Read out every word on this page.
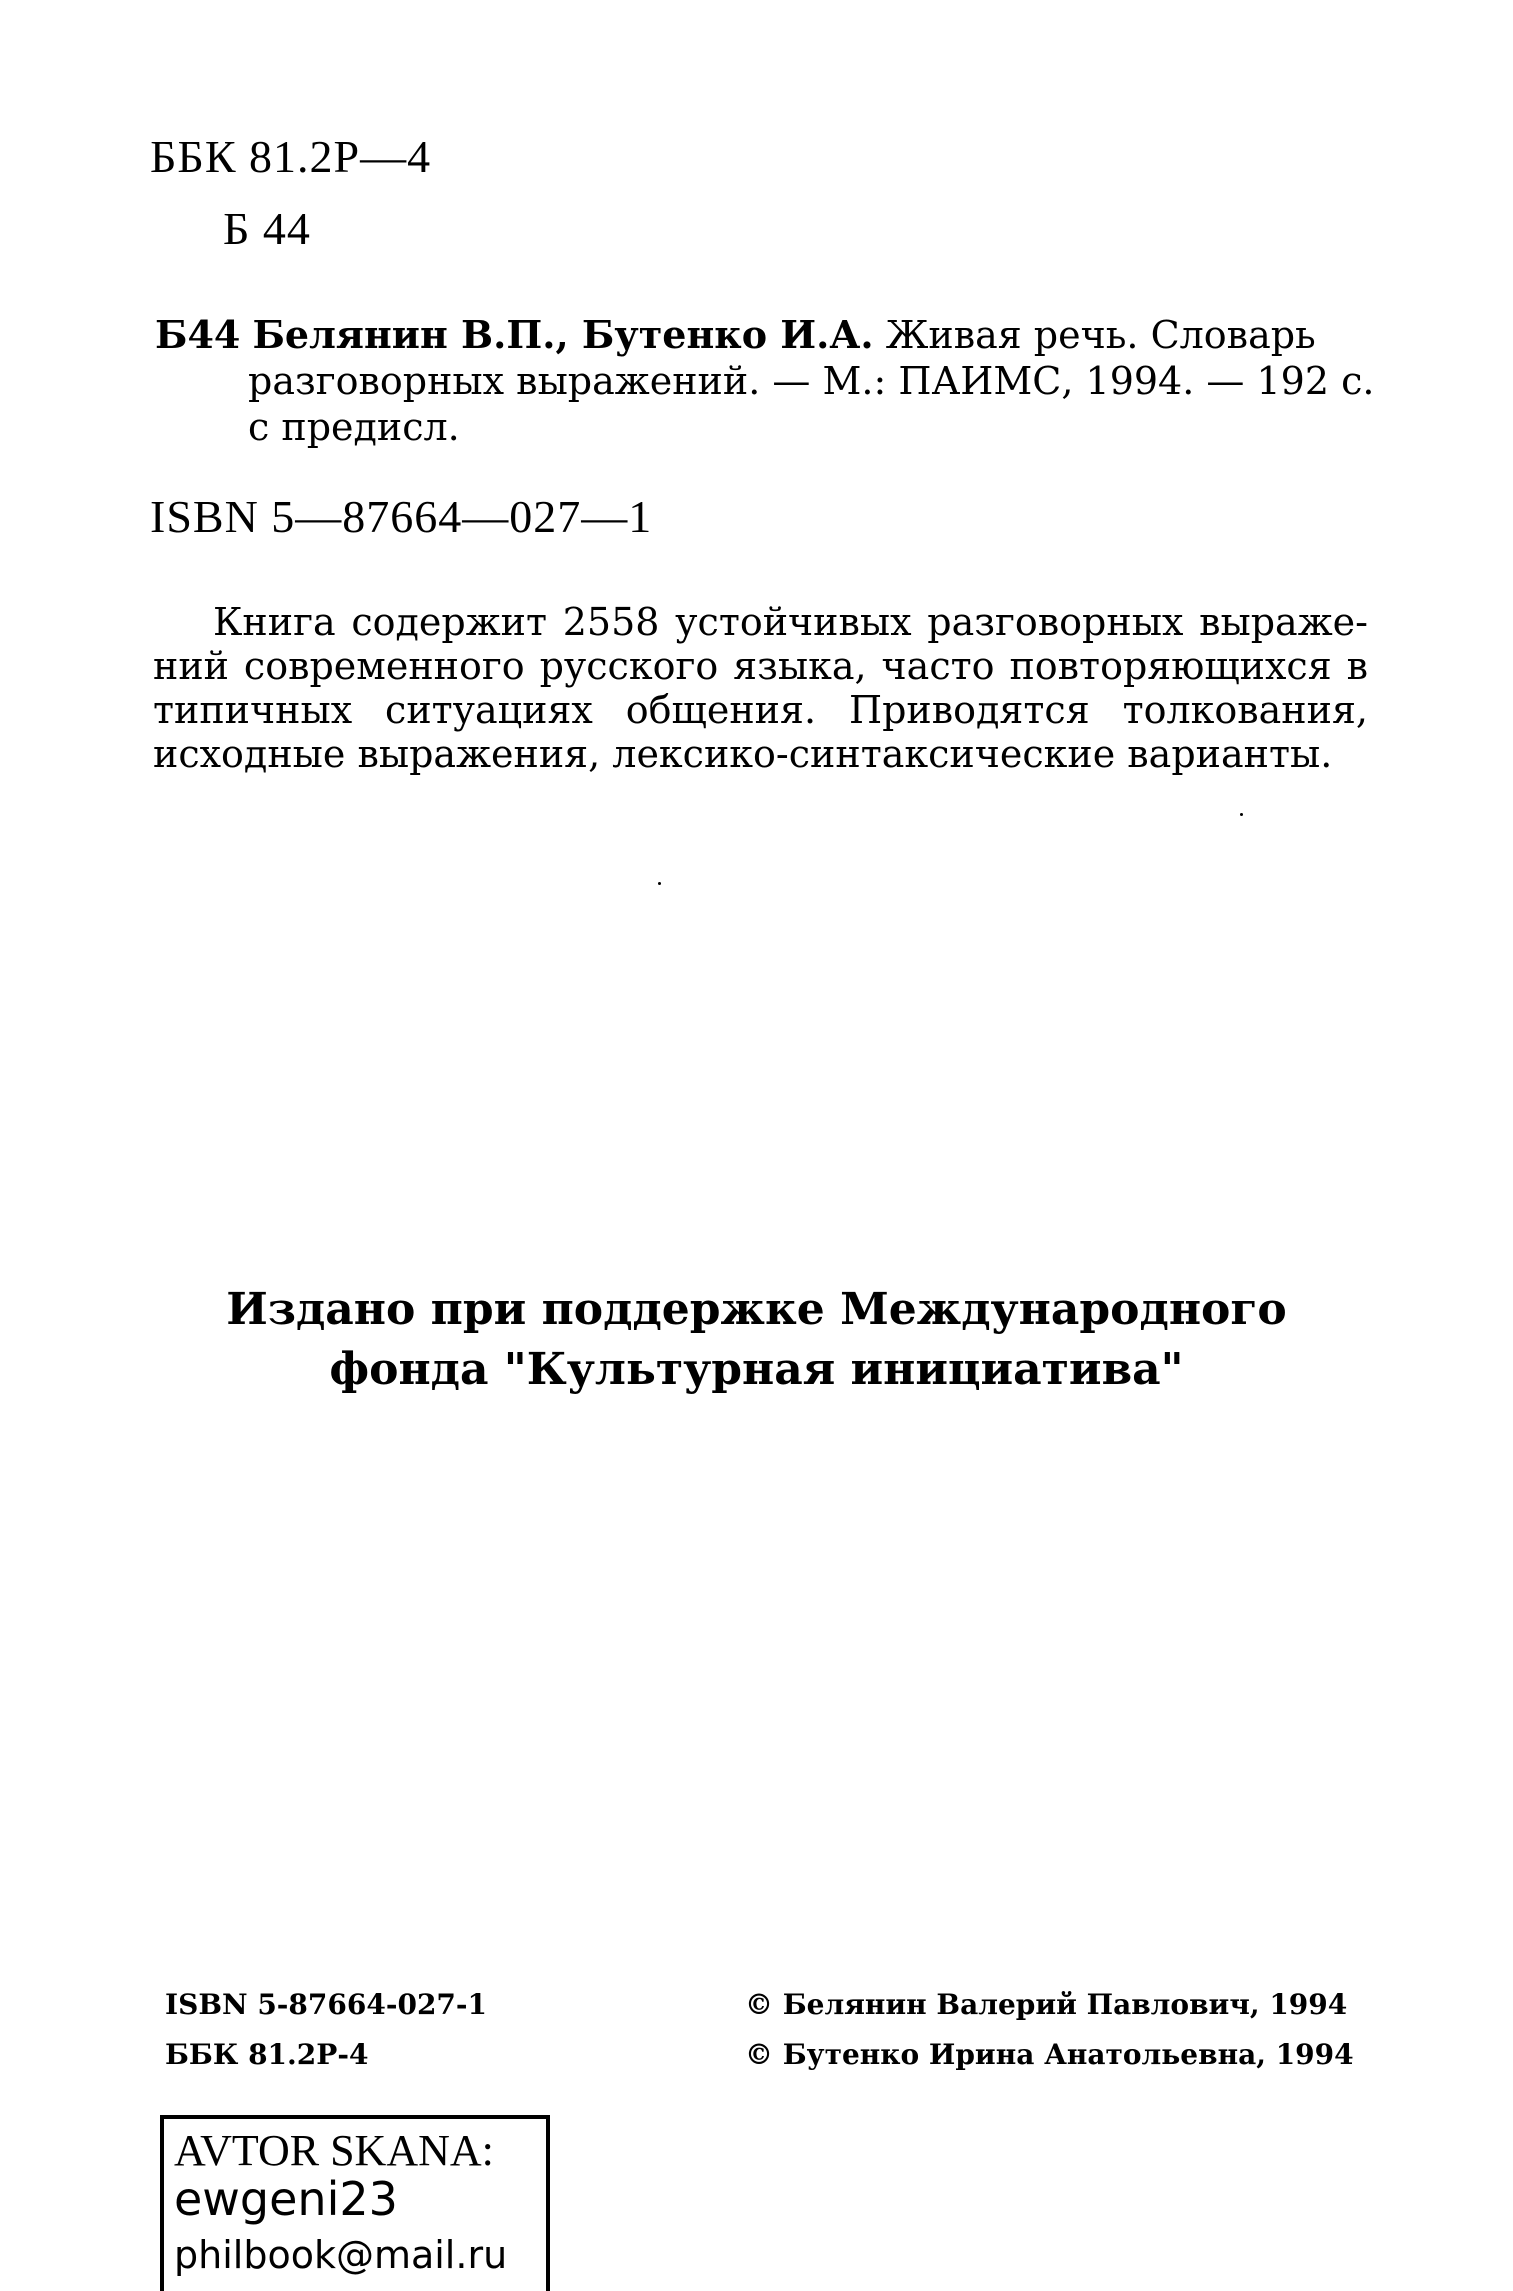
ББК 81.2Р—4
Б 44
Б44 Белянин В.П., Бутенко И.А. Живая речь. Словарь
разговорных выражений. — М.: ПАИМС, 1994. — 192 с.
с предисл.
ISBN 5—87664—027—1
Книга содержит 2558 устойчивых разговорных выраже-
ний современного русского языка, часто повторяющихся в
типичных ситуациях общения. Приводятся толкования,
исходные выражения, лексико-синтаксические варианты.
Издано при поддержке Международного
фонда "Культурная инициатива"
ISBN 5-87664-027-1
ББК 81.2Р-4
© Белянин Валерий Павлович, 1994
© Бутенко Ирина Анатольевна, 1994
AVTOR SKANA:
ewgeni23
philbook@mail.ru
